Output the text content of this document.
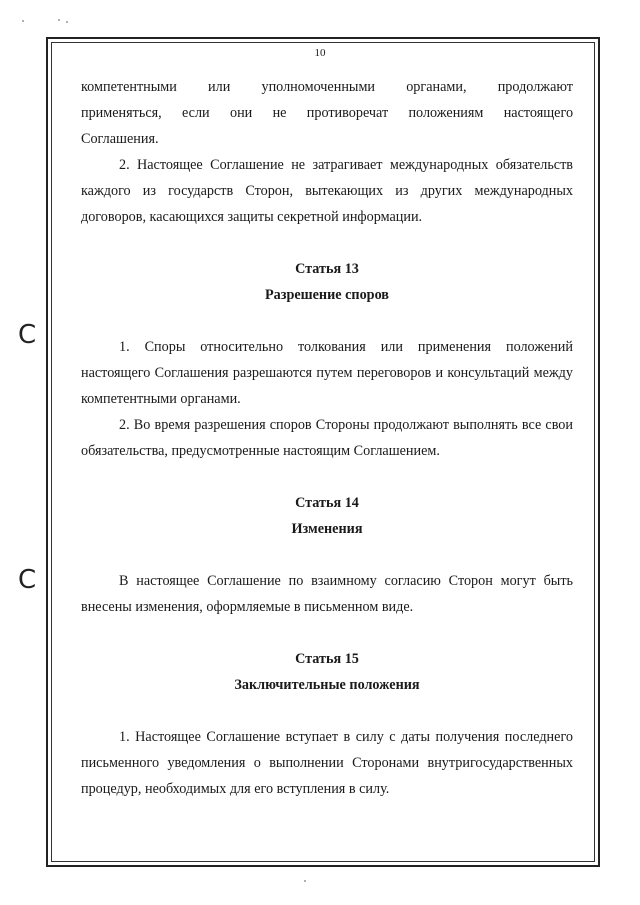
C
C
10

компетентными или уполномоченными органами, продолжают

применяться, если они не противоречат положениям настоящего

Соглашения.

2. Настоящее Соглашение не затрагивает международных обязательств каждого из государств Сторон, вытекающих из других международных договоров, касающихся защиты секретной информации.

Статья 13
Разрешение споров

1. Споры относительно толкования или применения положений настоящего Соглашения разрешаются путем переговоров и консультаций между компетентными органами.

2. Во время разрешения споров Стороны продолжают выполнять все свои обязательства, предусмотренные настоящим Соглашением.

Статья 14
Изменения

В настоящее Соглашение по взаимному согласию Сторон могут быть внесены изменения, оформляемые в письменном виде.

Статья 15
Заключительные положения

1. Настоящее Соглашение вступает в силу с даты получения последнего письменного уведомления о выполнении Сторонами внутригосударственных процедур, необходимых для его вступления в силу.
